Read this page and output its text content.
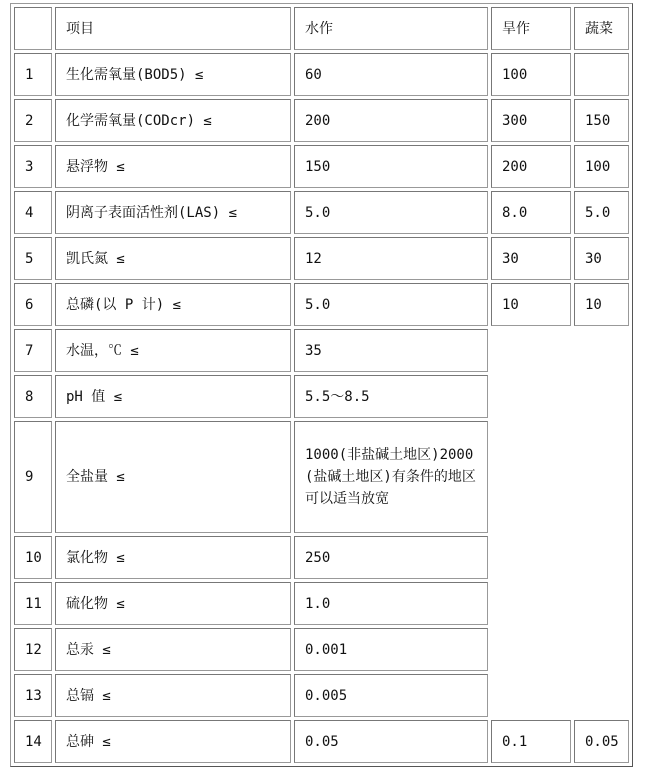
	项目	水作	旱作	蔬菜
1	生化需氧量(BOD5) ≤	60	100	
2	化学需氧量(CODcr) ≤	200	300	150
3	悬浮物 ≤	150	200	100
4	阴离子表面活性剂(LAS) ≤	5.0	8.0	5.0
5	凯氏氮 ≤	12	30	30
6	总磷(以 P 计) ≤	5.0	10	10
7	水温，℃ ≤	35		
8	pH 值 ≤	5.5～8.5		
9	全盐量 ≤	1000(非盐碱土地区)2000(盐碱土地区)有条件的地区可以适当放宽		
10	氯化物 ≤	250		
11	硫化物 ≤	1.0		
12	总汞 ≤	0.001		
13	总镉 ≤	0.005		
14	总砷 ≤	0.05	0.1	0.05
